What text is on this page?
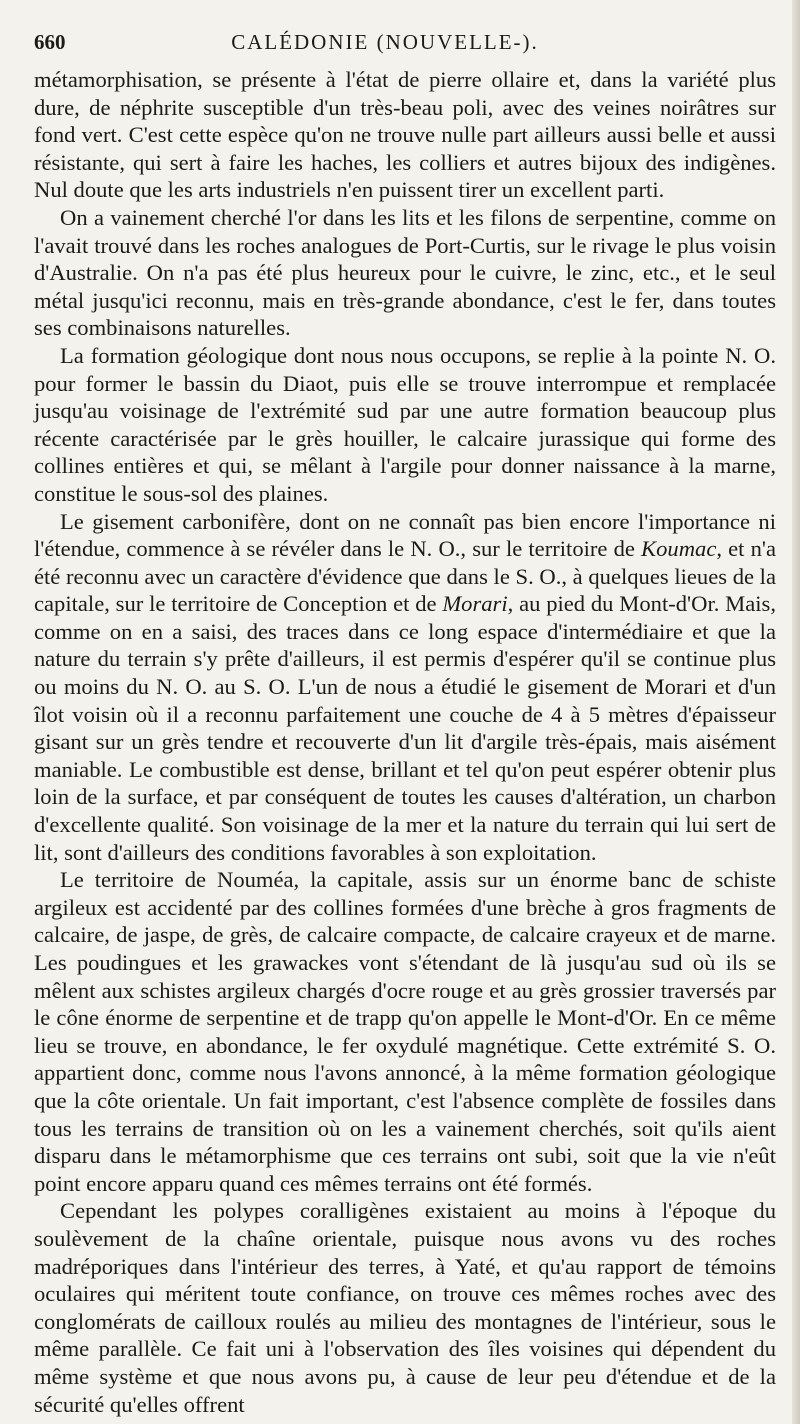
660	CALÉDONIE (NOUVELLE-).

métamorphisation, se présente à l'état de pierre ollaire et, dans la variété plus dure, de néphrite susceptible d'un très-beau poli, avec des veines noirâtres sur fond vert. C'est cette espèce qu'on ne trouve nulle part ailleurs aussi belle et aussi résistante, qui sert à faire les haches, les colliers et autres bijoux des indigènes. Nul doute que les arts industriels n'en puissent tirer un excellent parti.

On a vainement cherché l'or dans les lits et les filons de serpentine, comme on l'avait trouvé dans les roches analogues de Port-Curtis, sur le rivage le plus voisin d'Australie. On n'a pas été plus heureux pour le cuivre, le zinc, etc., et le seul métal jusqu'ici reconnu, mais en très-grande abondance, c'est le fer, dans toutes ses combinaisons naturelles.

La formation géologique dont nous nous occupons, se replie à la pointe N. O. pour former le bassin du Diaot, puis elle se trouve interrompue et remplacée jusqu'au voisinage de l'extrémité sud par une autre formation beaucoup plus récente caractérisée par le grès houiller, le calcaire jurassique qui forme des collines entières et qui, se mêlant à l'argile pour donner naissance à la marne, constitue le sous-sol des plaines.

Le gisement carbonifère, dont on ne connaît pas bien encore l'importance ni l'étendue, commence à se révéler dans le N. O., sur le territoire de Koumac, et n'a été reconnu avec un caractère d'évidence que dans le S. O., à quelques lieues de la capitale, sur le territoire de Conception et de Morari, au pied du Mont-d'Or. Mais, comme on en a saisi, des traces dans ce long espace d'intermédiaire et que la nature du terrain s'y prête d'ailleurs, il est permis d'espérer qu'il se continue plus ou moins du N. O. au S. O. L'un de nous a étudié le gisement de Morari et d'un îlot voisin où il a reconnu parfaitement une couche de 4 à 5 mètres d'épaisseur gisant sur un grès tendre et recouverte d'un lit d'argile très-épais, mais aisément maniable. Le combustible est dense, brillant et tel qu'on peut espérer obtenir plus loin de la surface, et par conséquent de toutes les causes d'altération, un charbon d'excellente qualité. Son voisinage de la mer et la nature du terrain qui lui sert de lit, sont d'ailleurs des conditions favorables à son exploitation.

Le territoire de Nouméa, la capitale, assis sur un énorme banc de schiste argileux est accidenté par des collines formées d'une brèche à gros fragments de calcaire, de jaspe, de grès, de calcaire compacte, de calcaire crayeux et de marne. Les poudingues et les grawackes vont s'étendant de là jusqu'au sud où ils se mêlent aux schistes argileux chargés d'ocre rouge et au grès grossier traversés par le cône énorme de serpentine et de trapp qu'on appelle le Mont-d'Or. En ce même lieu se trouve, en abondance, le fer oxydulé magnétique. Cette extrémité S. O. appartient donc, comme nous l'avons annoncé, à la même formation géologique que la côte orientale. Un fait important, c'est l'absence complète de fossiles dans tous les terrains de transition où on les a vainement cherchés, soit qu'ils aient disparu dans le métamorphisme que ces terrains ont subi, soit que la vie n'eût point encore apparu quand ces mêmes terrains ont été formés.

Cependant les polypes coralligènes existaient au moins à l'époque du soulèvement de la chaîne orientale, puisque nous avons vu des roches madréporiques dans l'intérieur des terres, à Yaté, et qu'au rapport de témoins oculaires qui méritent toute confiance, on trouve ces mêmes roches avec des conglomérats de cailloux roulés au milieu des montagnes de l'intérieur, sous le même parallèle. Ce fait uni à l'observation des îles voisines qui dépendent du même système et que nous avons pu, à cause de leur peu d'étendue et de la sécurité qu'elles offrent
